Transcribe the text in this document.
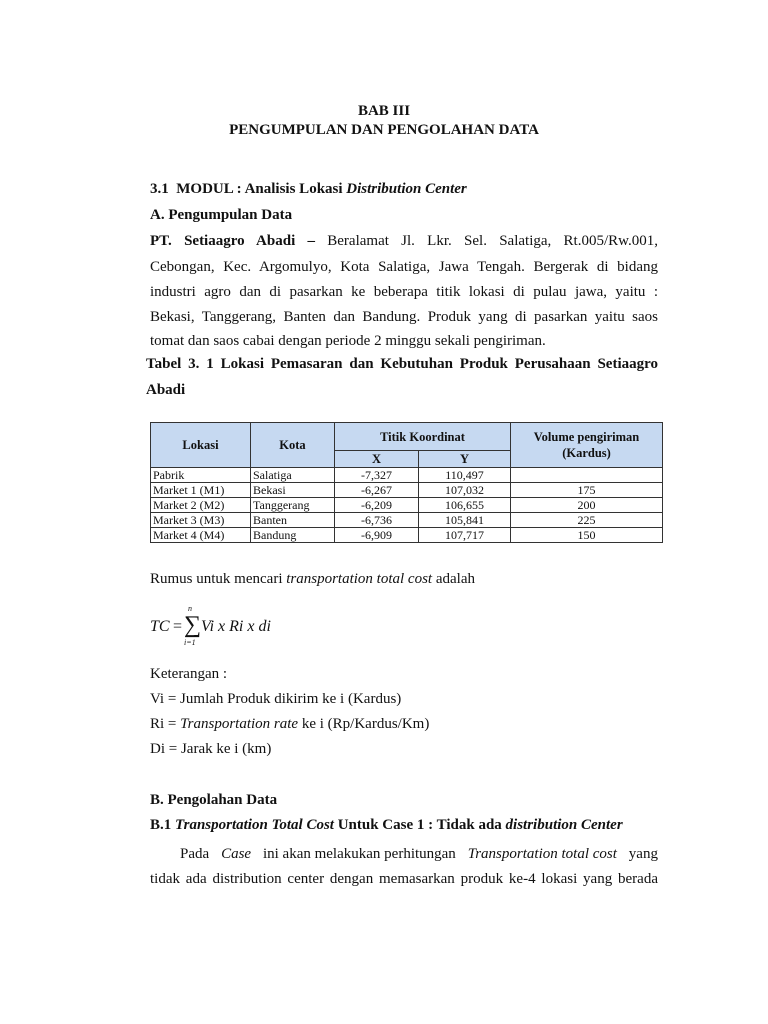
BAB III
PENGUMPULAN DAN PENGOLAHAN DATA
3.1 MODUL : Analisis Lokasi Distribution Center
A. Pengumpulan Data
PT. Setiaagro Abadi – Beralamat Jl. Lkr. Sel. Salatiga, Rt.005/Rw.001,
Cebongan, Kec. Argomulyo, Kota Salatiga, Jawa Tengah. Bergerak di bidang
industri agro dan di pasarkan ke beberapa titik lokasi di pulau jawa, yaitu :
Bekasi, Tanggerang, Banten dan Bandung. Produk yang di pasarkan yaitu saos
tomat dan saos cabai dengan periode 2 minggu sekali pengiriman.
Tabel 3. 1 Lokasi Pemasaran dan Kebutuhan Produk Perusahaan Setiaagro
Abadi
Lokasi	Kota	Titik Koordinat		Volume pengiriman (Kardus)
		X	Y	
Pabrik	Salatiga	-7,327	110,497	
Market 1 (M1)	Bekasi	-6,267	107,032	175
Market 2 (M2)	Tanggerang	-6,209	106,655	200
Market 3 (M3)	Banten	-6,736	105,841	225
Market 4 (M4)	Bandung	-6,909	107,717	150
Rumus untuk mencari transportation total cost adalah
TC =
n
∑
i=1
Vi x Ri x di
Keterangan :
Vi = Jumlah Produk dikirim ke i (Kardus)
Ri = Transportation rate ke i (Rp/Kardus/Km)
Di = Jarak ke i (km)
B. Pengolahan Data
B.1 Transportation Total Cost Untuk Case 1 : Tidak ada distribution Center
Pada Case ini akan melakukan perhitungan Transportation total cost yang
tidak ada distribution center dengan memasarkan produk ke-4 lokasi yang berada
